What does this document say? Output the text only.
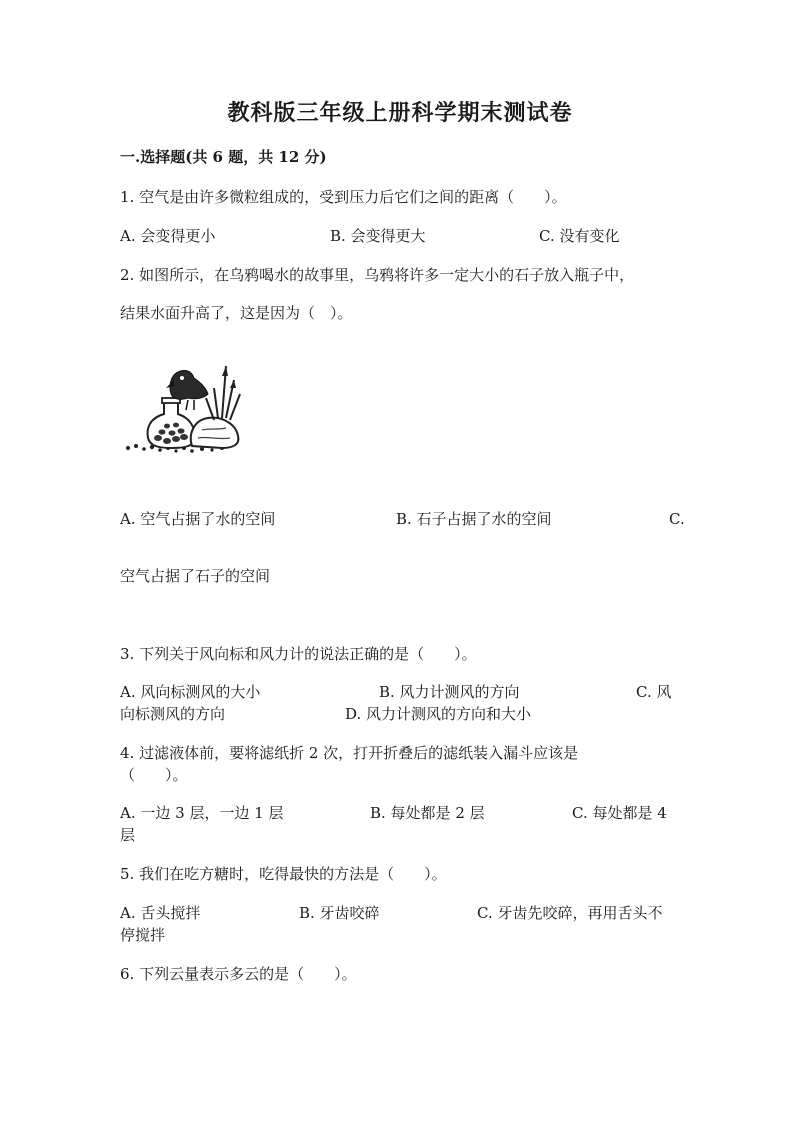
教科版三年级上册科学期末测试卷
一.选择题(共 6 题，共 12 分)
1. 空气是由许多微粒组成的，受到压力后它们之间的距离（　　）。
A. 会变得更小	B. 会变得更大	C. 没有变化
2. 如图所示，在乌鸦喝水的故事里，乌鸦将许多一定大小的石子放入瓶子中，
结果水面升高了，这是因为（　）。
A. 空气占据了水的空间	B. 石子占据了水的空间	C.
空气占据了石子的空间
3. 下列关于风向标和风力计的说法正确的是（　　）。
A. 风向标测风的大小	B. 风力计测风的方向	C. 风
向标测风的方向	D. 风力计测风的方向和大小
4. 过滤液体前，要将滤纸折 2 次，打开折叠后的滤纸装入漏斗应该是
（　　）。
A. 一边 3 层，一边 1 层	B. 每处都是 2 层	C. 每处都是 4
层
5. 我们在吃方糖时，吃得最快的方法是（　　）。
A. 舌头搅拌	B. 牙齿咬碎	C. 牙齿先咬碎，再用舌头不
停搅拌
6. 下列云量表示多云的是（　　）。
